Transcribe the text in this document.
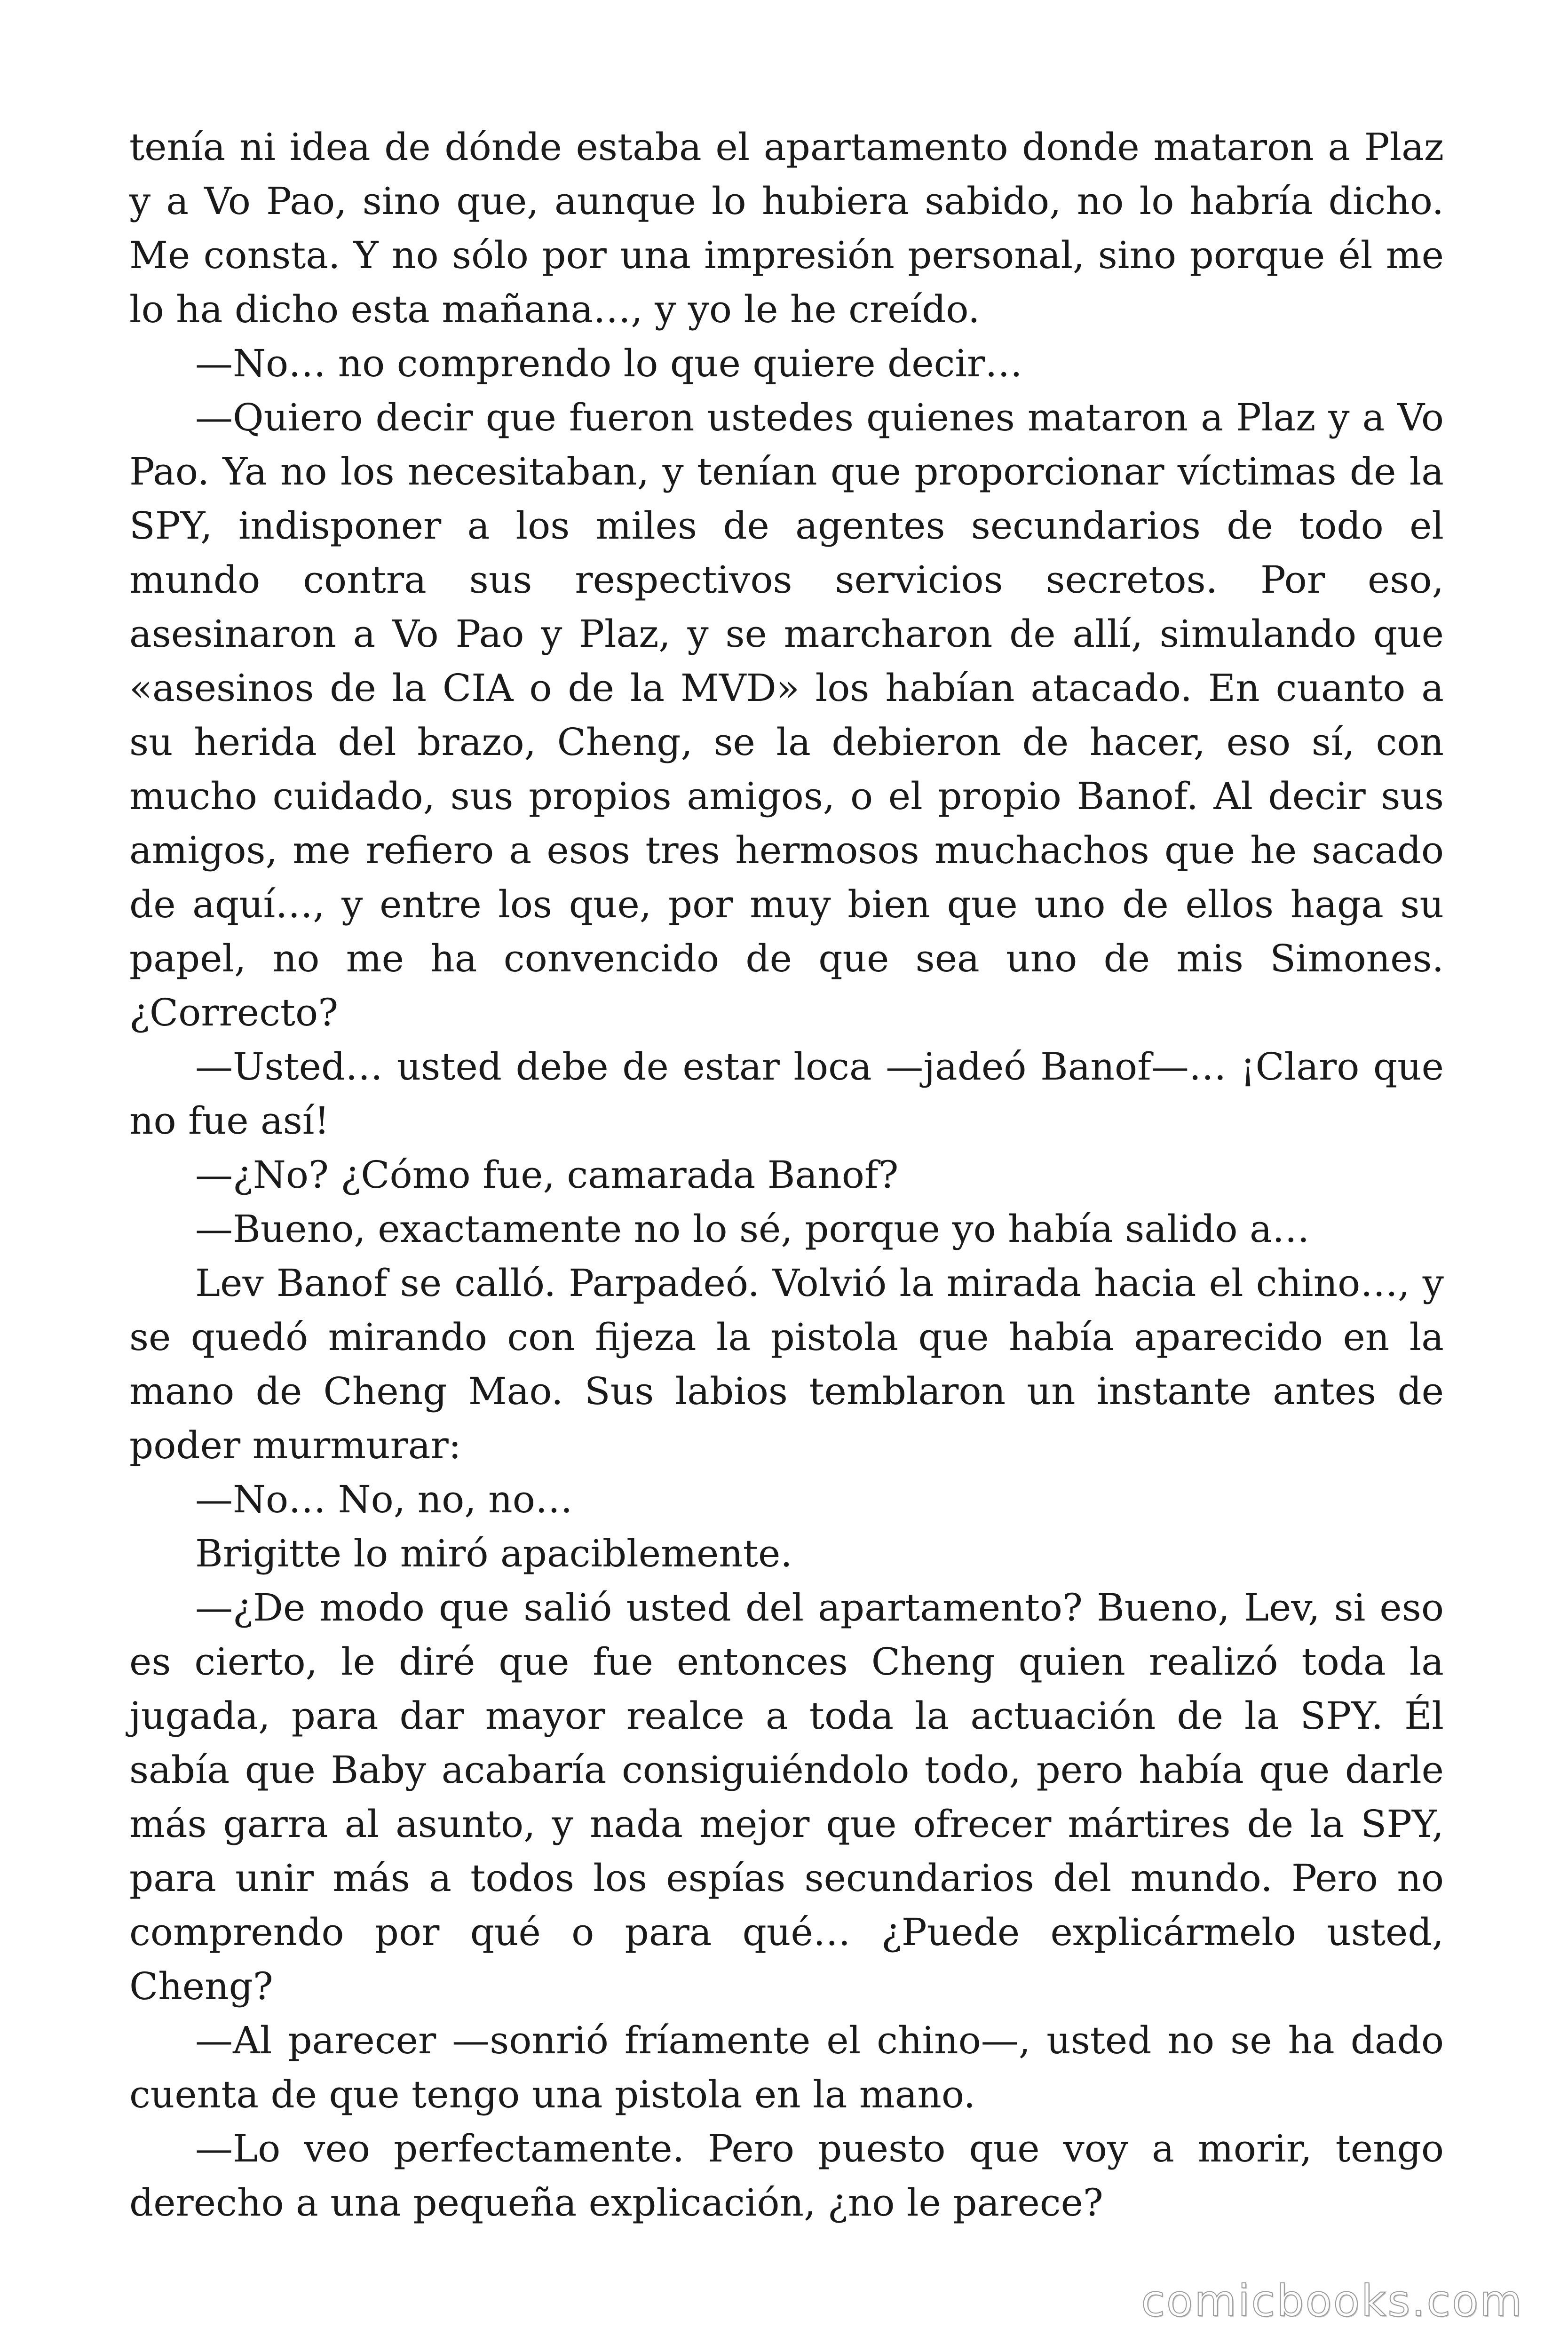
tenía ni idea de dónde estaba el apartamento donde mataron a Plaz y a Vo Pao, sino que, aunque lo hubiera sabido, no lo habría dicho. Me consta. Y no sólo por una impresión personal, sino porque él me lo ha dicho esta mañana…, y yo le he creído.

—No… no comprendo lo que quiere decir…

—Quiero decir que fueron ustedes quienes mataron a Plaz y a Vo Pao. Ya no los necesitaban, y tenían que proporcionar víctimas de la SPY, indisponer a los miles de agentes secundarios de todo el mundo contra sus respectivos servicios secretos. Por eso, asesinaron a Vo Pao y Plaz, y se marcharon de allí, simulando que «asesinos de la CIA o de la MVD» los habían atacado. En cuanto a su herida del brazo, Cheng, se la debieron de hacer, eso sí, con mucho cuidado, sus propios amigos, o el propio Banof. Al decir sus amigos, me refiero a esos tres hermosos muchachos que he sacado de aquí…, y entre los que, por muy bien que uno de ellos haga su papel, no me ha convencido de que sea uno de mis Simones. ¿Correcto?

—Usted… usted debe de estar loca —jadeó Banof—… ¡Claro que no fue así!

—¿No? ¿Cómo fue, camarada Banof?

—Bueno, exactamente no lo sé, porque yo había salido a…

Lev Banof se calló. Parpadeó. Volvió la mirada hacia el chino…, y se quedó mirando con fijeza la pistola que había aparecido en la mano de Cheng Mao. Sus labios temblaron un instante antes de poder murmurar:

—No… No, no, no…

Brigitte lo miró apaciblemente.

—¿De modo que salió usted del apartamento? Bueno, Lev, si eso es cierto, le diré que fue entonces Cheng quien realizó toda la jugada, para dar mayor realce a toda la actuación de la SPY. Él sabía que Baby acabaría consiguiéndolo todo, pero había que darle más garra al asunto, y nada mejor que ofrecer mártires de la SPY, para unir más a todos los espías secundarios del mundo. Pero no comprendo por qué o para qué… ¿Puede explicármelo usted, Cheng?

—Al parecer —sonrió fríamente el chino—, usted no se ha dado cuenta de que tengo una pistola en la mano.

—Lo veo perfectamente. Pero puesto que voy a morir, tengo derecho a una pequeña explicación, ¿no le parece?

comicbooks.com
